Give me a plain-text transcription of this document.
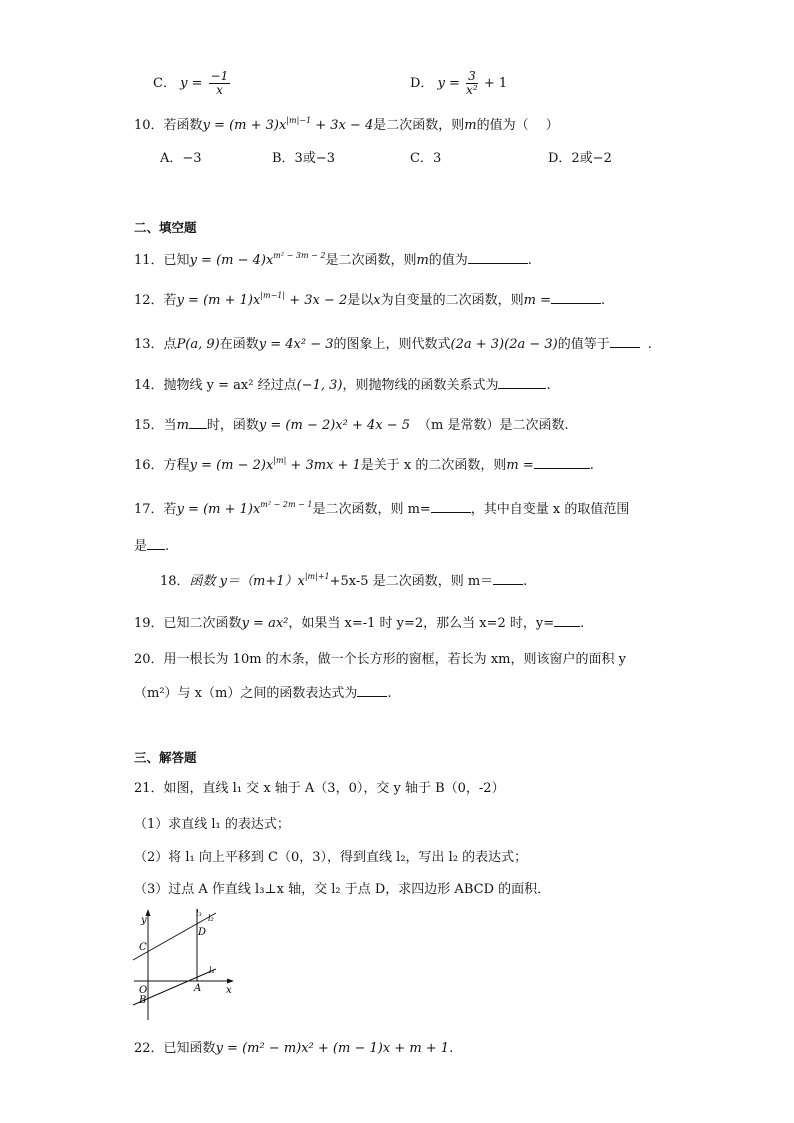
C． $y = \frac{-1}{x}$	D． $y = \frac{3}{\text{x²}} + 1$
10．若函数$y = (m + 3)x^{|m|-1} + 3x - 4$是二次函数，则m的值为（　 ）
A．−3	B．3或−3	C．3	D．2或−2
二、填空题
11．已知$y = (m - 4)x^{m^2 - 3m - 2}$是二次函数，则m的值为	.
12．若$y = (m + 1)x^{|m-1|} + 3x - 2$是以x为自变量的二次函数，则m =	.
13．点P(a, 9)在函数y = 4x² − 3的图象上，则代数式(2a + 3)(2a − 3)的值等于	.
14．抛物线 y = ax² 经过点(−1, 3)，则抛物线的函数关系式为	.
15．当m 时，函数y = (m − 2)x² + 4x − 5 （m 是常数）是二次函数.
16．方程$y = (m - 2)x^{|m|} + 3mx + 1$是关于 x 的二次函数，则m =	.
17．若$y = (m + 1)x^{m^2 - 2m - 1}$是二次函数，则 m=	，其中自变量 x 的取值范围
是 .
18．函数 $y=(m+1)x^{|m|+1}+5x-5$ 是二次函数，则 m＝ .
19．已知二次函数y = ax²，如果当 x=-1 时 y=2，那么当 x=2 时，y= .
20．用一根长为 10m 的木条，做一个长方形的窗框，若长为 xm，则该窗户的面积 y
（m²）与 x（m）之间的函数表达式为 .
三、解答题
21．如图，直线 l₁ 交 x 轴于 A（3，0），交 y 轴于 B（0，-2）
（1）求直线 l₁ 的表达式；
（2）将 l₁ 向上平移到 C（0，3），得到直线 l₂，写出 l₂ 的表达式；
（3）过点 A 作直线 l₃⊥x 轴，交 l₂ 于点 D，求四边形 ABCD 的面积．
y
x
O	A
B
C
D
l₁
l₂
l₃
22．已知函数y = (m² − m)x² + (m − 1)x + m + 1.
